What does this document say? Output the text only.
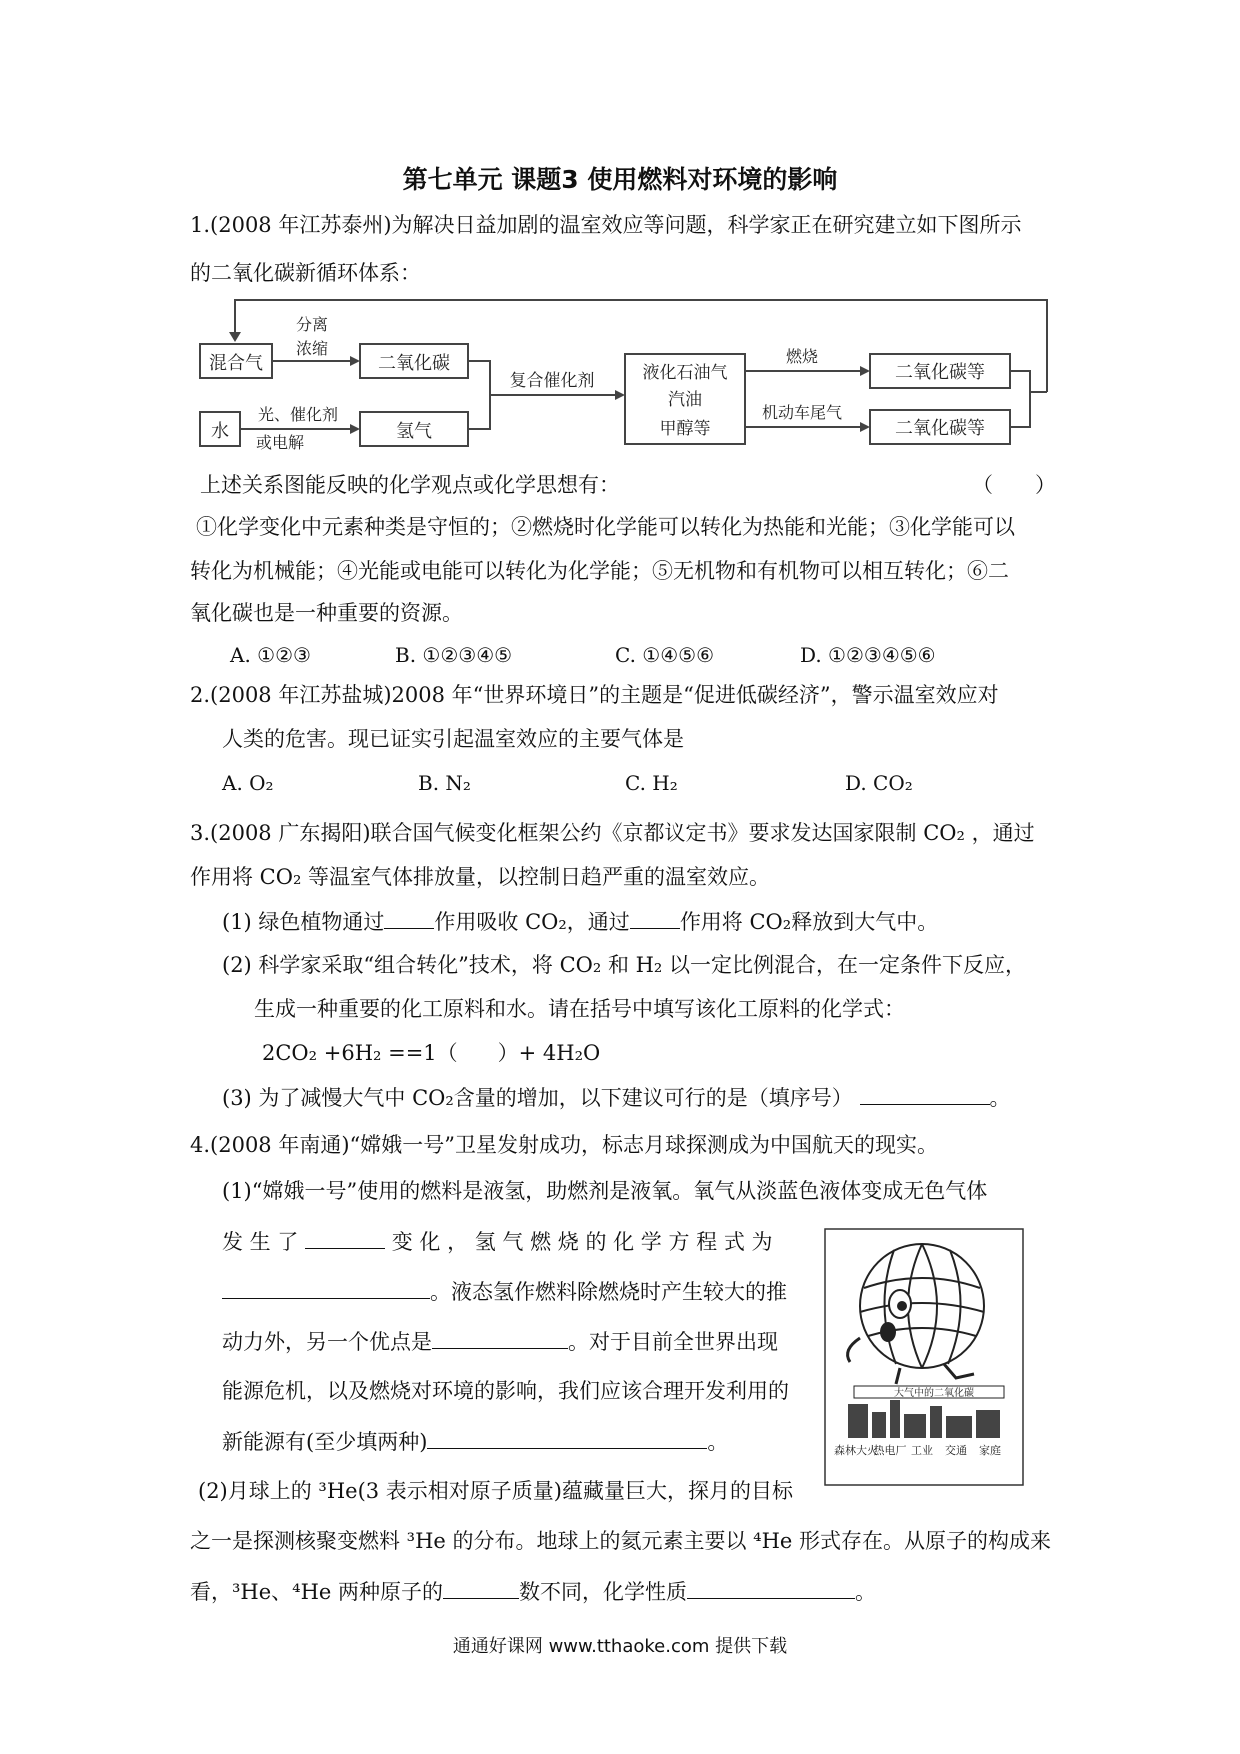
第七单元 课题3 使用燃料对环境的影响
1.(2008 年江苏泰州)为解决日益加剧的温室效应等问题，科学家正在研究建立如下图所示
的二氧化碳新循环体系：
混合气
水
分离
浓缩
光、催化剂
或电解
二氧化碳
氢气
复合催化剂	液化石油气
汽油
甲醇等
燃烧
机动车尾气
二氧化碳等
二氧化碳等
上述关系图能反映的化学观点或化学思想有：	（　　）
①化学变化中元素种类是守恒的；②燃烧时化学能可以转化为热能和光能；③化学能可以
转化为机械能；④光能或电能可以转化为化学能；⑤无机物和有机物可以相互转化；⑥二
氧化碳也是一种重要的资源。
A. ①②③	B. ①②③④⑤	C. ①④⑤⑥	D. ①②③④⑤⑥
2.(2008 年江苏盐城)2008 年“世界环境日”的主题是“促进低碳经济”，警示温室效应对
人类的危害。现已证实引起温室效应的主要气体是
A. O₂	B. N₂	C. H₂	D. CO₂
3.(2008 广东揭阳)联合国气候变化框架公约《京都议定书》要求发达国家限制 CO₂ ，通过
作用将 CO₂ 等温室气体排放量，以控制日趋严重的温室效应。
(1) 绿色植物通过 作用吸收 CO₂，通过 作用将 CO₂释放到大气中。
(2) 科学家采取“组合转化”技术，将 CO₂ 和 H₂ 以一定比例混合，在一定条件下反应，
生成一种重要的化工原料和水。请在括号中填写该化工原料的化学式：
2CO₂ +6H₂ ==1（ ）+ 4H₂O
(3) 为了减慢大气中 CO₂含量的增加，以下建议可行的是（填序号）	。
4.(2008 年南通)“嫦娥一号”卫星发射成功，标志月球探测成为中国航天的现实。
(1)“嫦娥一号”使用的燃料是液氢，助燃剂是液氧。氧气从淡蓝色液体变成无色气体
发 生 了	变 化 ， 氢 气 燃 烧 的 化 学 方 程 式 为
。液态氢作燃料除燃烧时产生较大的推
动力外，另一个优点是	。对于目前全世界出现
能源危机，以及燃烧对环境的影响，我们应该合理开发利用的
新能源有(至少填两种)	。
(2)月球上的 ³He(3 表示相对原子质量)蕴藏量巨大，探月的目标
之一是探测核聚变燃料 ³He 的分布。地球上的氦元素主要以 ⁴He 形式存在。从原子的构成来
看，³He、⁴He 两种原子的	数不同，化学性质	。
大气中的二氧化碳
森林大火
热电厂 工业 交通 家庭
通通好课网 www.tthaoke.com 提供下载
